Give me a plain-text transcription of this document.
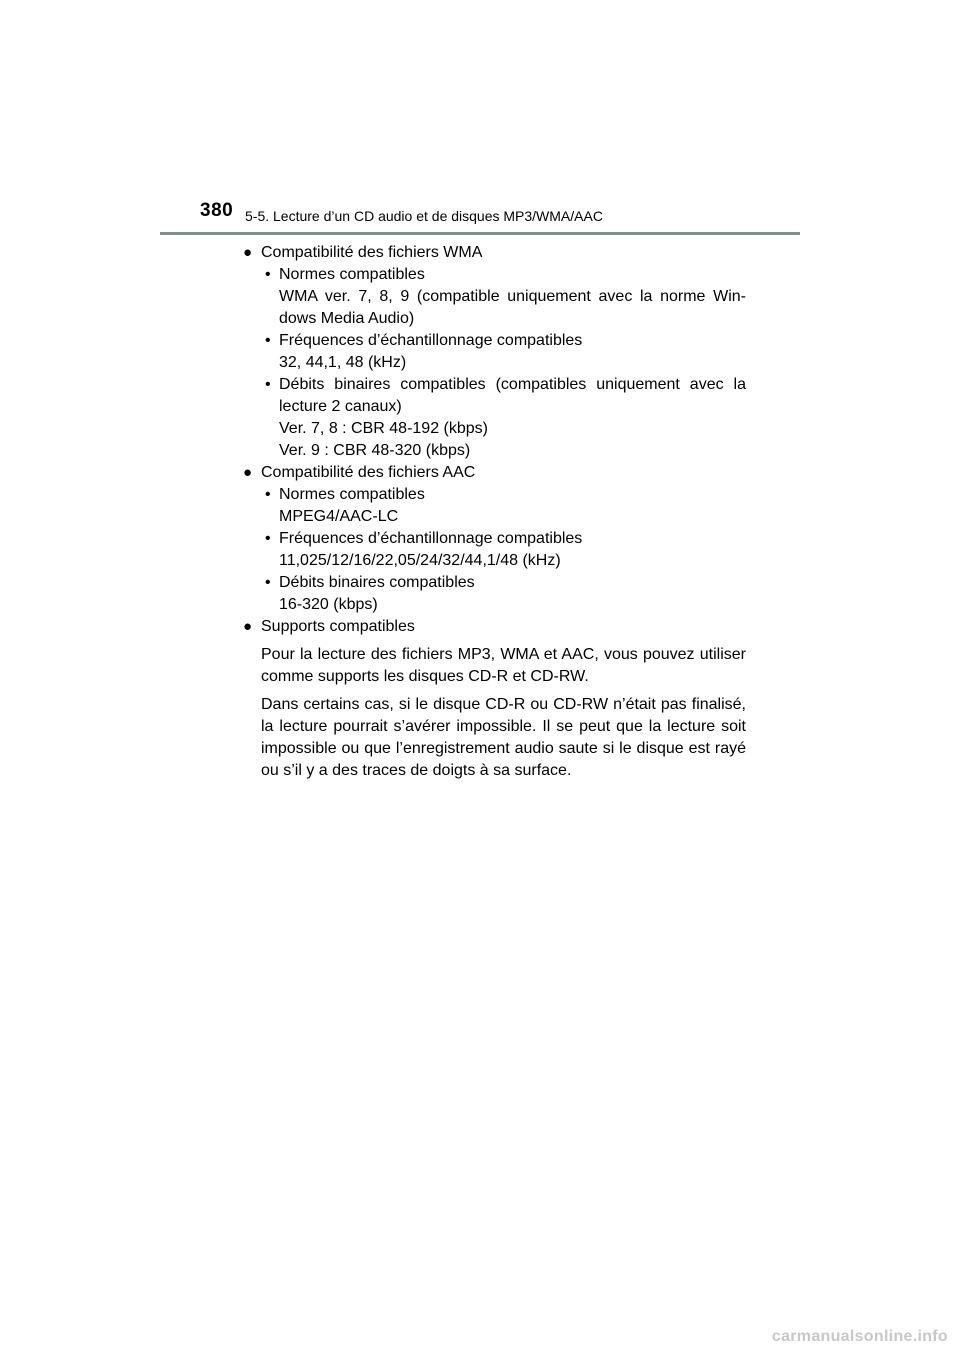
380 5-5. Lecture d’un CD audio et de disques MP3/WMA/AAC
● Compatibilité des fichiers WMA
• Normes compatibles
WMA ver. 7, 8, 9 (compatible uniquement avec la norme Win-
dows Media Audio)
• Fréquences d’échantillonnage compatibles
32, 44,1, 48 (kHz)
• Débits binaires compatibles (compatibles uniquement avec la
lecture 2 canaux)
Ver. 7, 8 : CBR 48-192 (kbps)
Ver. 9 : CBR 48-320 (kbps)
● Compatibilité des fichiers AAC
• Normes compatibles
MPEG4/AAC-LC
• Fréquences d’échantillonnage compatibles
11,025/12/16/22,05/24/32/44,1/48 (kHz)
• Débits binaires compatibles
16-320 (kbps)
● Supports compatibles
Pour la lecture des fichiers MP3, WMA et AAC, vous pouvez utiliser comme supports les disques CD-R et CD-RW.
Dans certains cas, si le disque CD-R ou CD-RW n’était pas finalisé, la lecture pourrait s’avérer impossible. Il se peut que la lecture soit impossible ou que l’enregistrement audio saute si le disque est rayé ou s’il y a des traces de doigts à sa surface.
carmanualsonline.info
